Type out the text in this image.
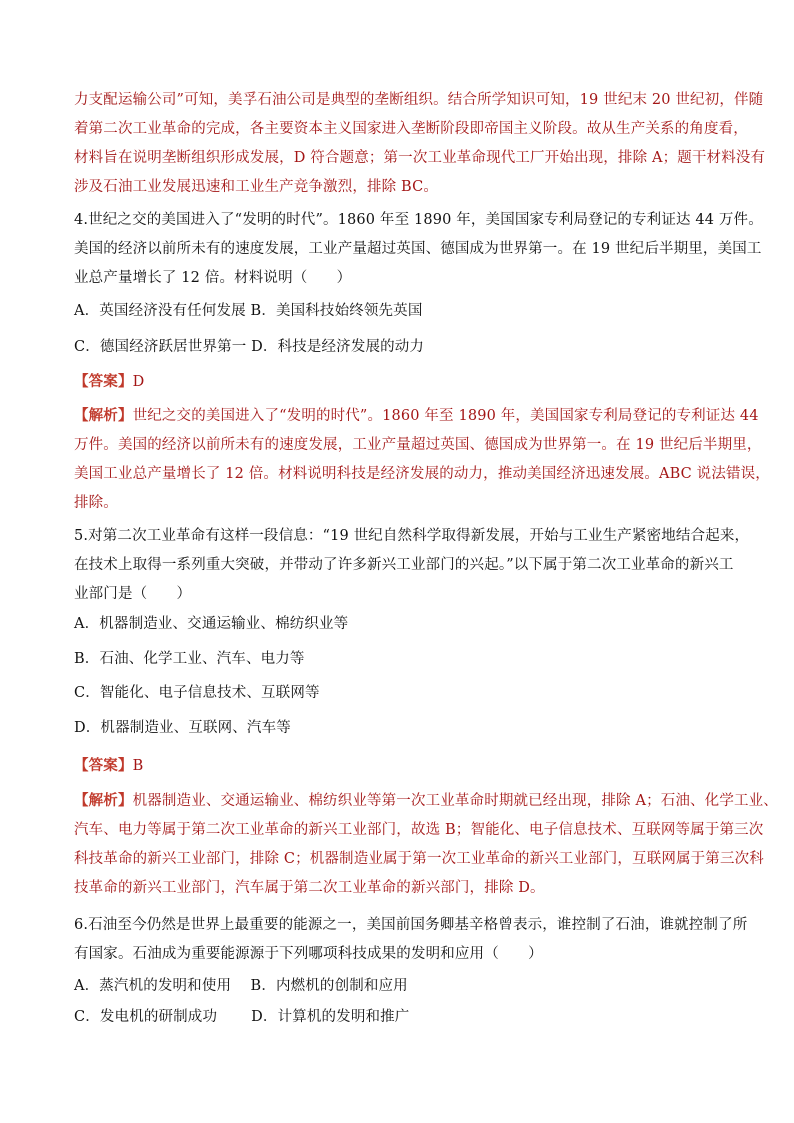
力支配运输公司”可知，美孚石油公司是典型的垄断组织。结合所学知识可知，19 世纪末 20 世纪初，伴随
着第二次工业革命的完成，各主要资本主义国家进入垄断阶段即帝国主义阶段。故从生产关系的角度看，
材料旨在说明垄断组织形成发展，D 符合题意；第一次工业革命现代工厂开始出现，排除 A；题干材料没有
涉及石油工业发展迅速和工业生产竞争激烈，排除 BC。
4.世纪之交的美国进入了“发明的时代”。1860 年至 1890 年，美国国家专利局登记的专利证达 44 万件。
美国的经济以前所未有的速度发展，工业产量超过英国、德国成为世界第一。在 19 世纪后半期里，美国工
业总产量增长了 12 倍。材料说明（　　）
A．英国经济没有任何发展 B．美国科技始终领先英国
C．德国经济跃居世界第一 D．科技是经济发展的动力
【答案】D
【解析】世纪之交的美国进入了“发明的时代”。1860 年至 1890 年，美国国家专利局登记的专利证达 44
万件。美国的经济以前所未有的速度发展，工业产量超过英国、德国成为世界第一。在 19 世纪后半期里，
美国工业总产量增长了 12 倍。材料说明科技是经济发展的动力，推动美国经济迅速发展。ABC 说法错误，
排除。
5.对第二次工业革命有这样一段信息：“19 世纪自然科学取得新发展，开始与工业生产紧密地结合起来，
在技术上取得一系列重大突破，并带动了许多新兴工业部门的兴起。”以下属于第二次工业革命的新兴工
业部门是（　　）
A．机器制造业、交通运输业、棉纺织业等
B．石油、化学工业、汽车、电力等
C．智能化、电子信息技术、互联网等
D．机器制造业、互联网、汽车等
【答案】B
【解析】机器制造业、交通运输业、棉纺织业等第一次工业革命时期就已经出现，排除 A；石油、化学工业、
汽车、电力等属于第二次工业革命的新兴工业部门，故选 B；智能化、电子信息技术、互联网等属于第三次
科技革命的新兴工业部门，排除 C；机器制造业属于第一次工业革命的新兴工业部门，互联网属于第三次科
技革命的新兴工业部门，汽车属于第二次工业革命的新兴部门，排除 D。
6.石油至今仍然是世界上最重要的能源之一，美国前国务卿基辛格曾表示，谁控制了石油，谁就控制了所
有国家。石油成为重要能源源于下列哪项科技成果的发明和应用（　　）
A．蒸汽机的发明和使用　 B．内燃机的创制和应用
C．发电机的研制成功　　 D．计算机的发明和推广
